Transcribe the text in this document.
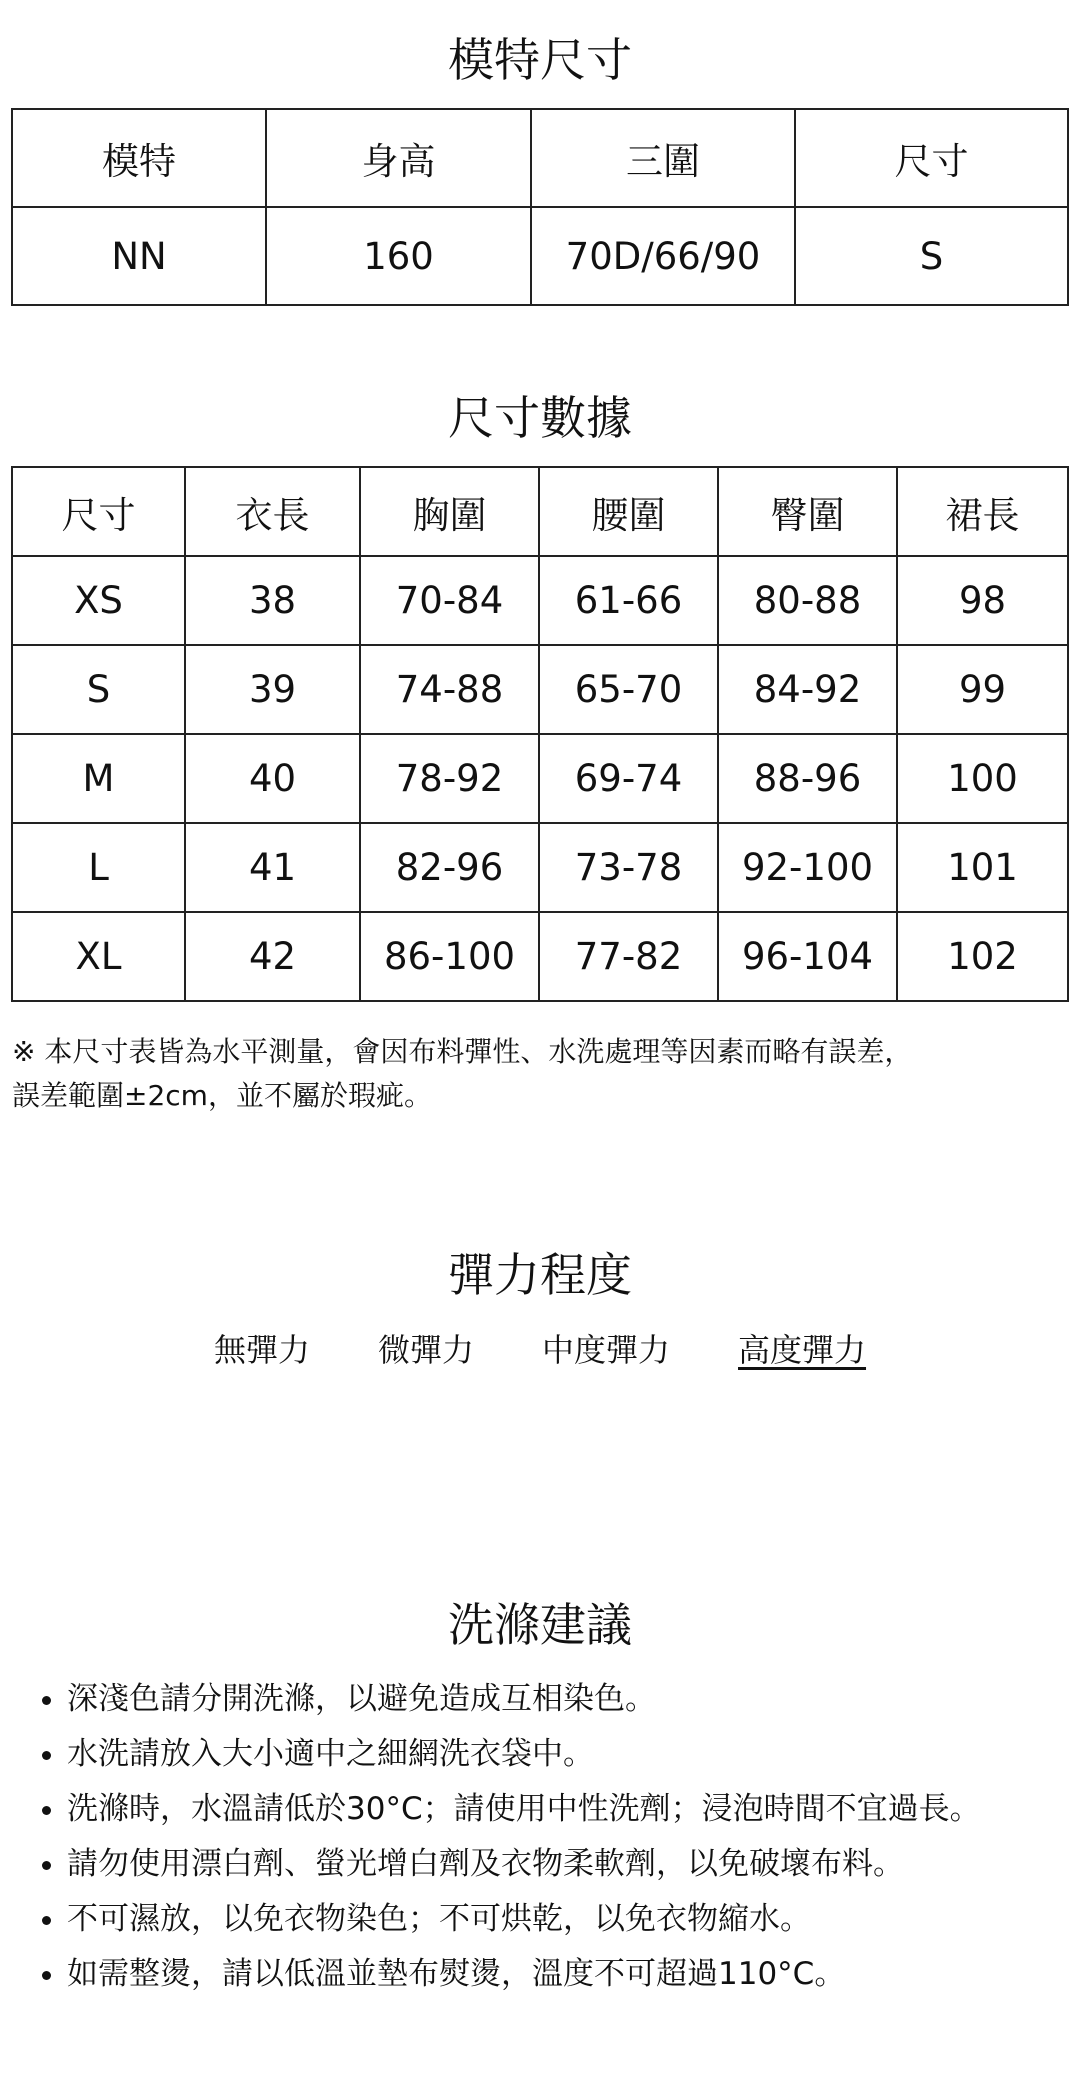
模特尺寸
模特	身高	三圍	尺寸
NN	160	70D/66/90	S
尺寸數據
尺寸	衣長	胸圍	腰圍	臀圍	裙長
XS	38	70-84	61-66	80-88	98
S	39	74-88	65-70	84-92	99
M	40	78-92	69-74	88-96	100
L	41	82-96	73-78	92-100	101
XL	42	86-100	77-82	96-104	102
※ 本尺寸表皆為水平測量，會因布料彈性、水洗處理等因素而略有誤差，
誤差範圍±2cm，並不屬於瑕疵。
彈力程度
無彈力 微彈力 中度彈力 高度彈力
洗滌建議
• 深淺色請分開洗滌，以避免造成互相染色。
• 水洗請放入大小適中之細網洗衣袋中。
• 洗滌時，水溫請低於30°C；請使用中性洗劑；浸泡時間不宜過長。
• 請勿使用漂白劑、螢光增白劑及衣物柔軟劑，以免破壞布料。
• 不可濕放，以免衣物染色；不可烘乾，以免衣物縮水。
• 如需整燙，請以低溫並墊布熨燙，溫度不可超過110°C。
